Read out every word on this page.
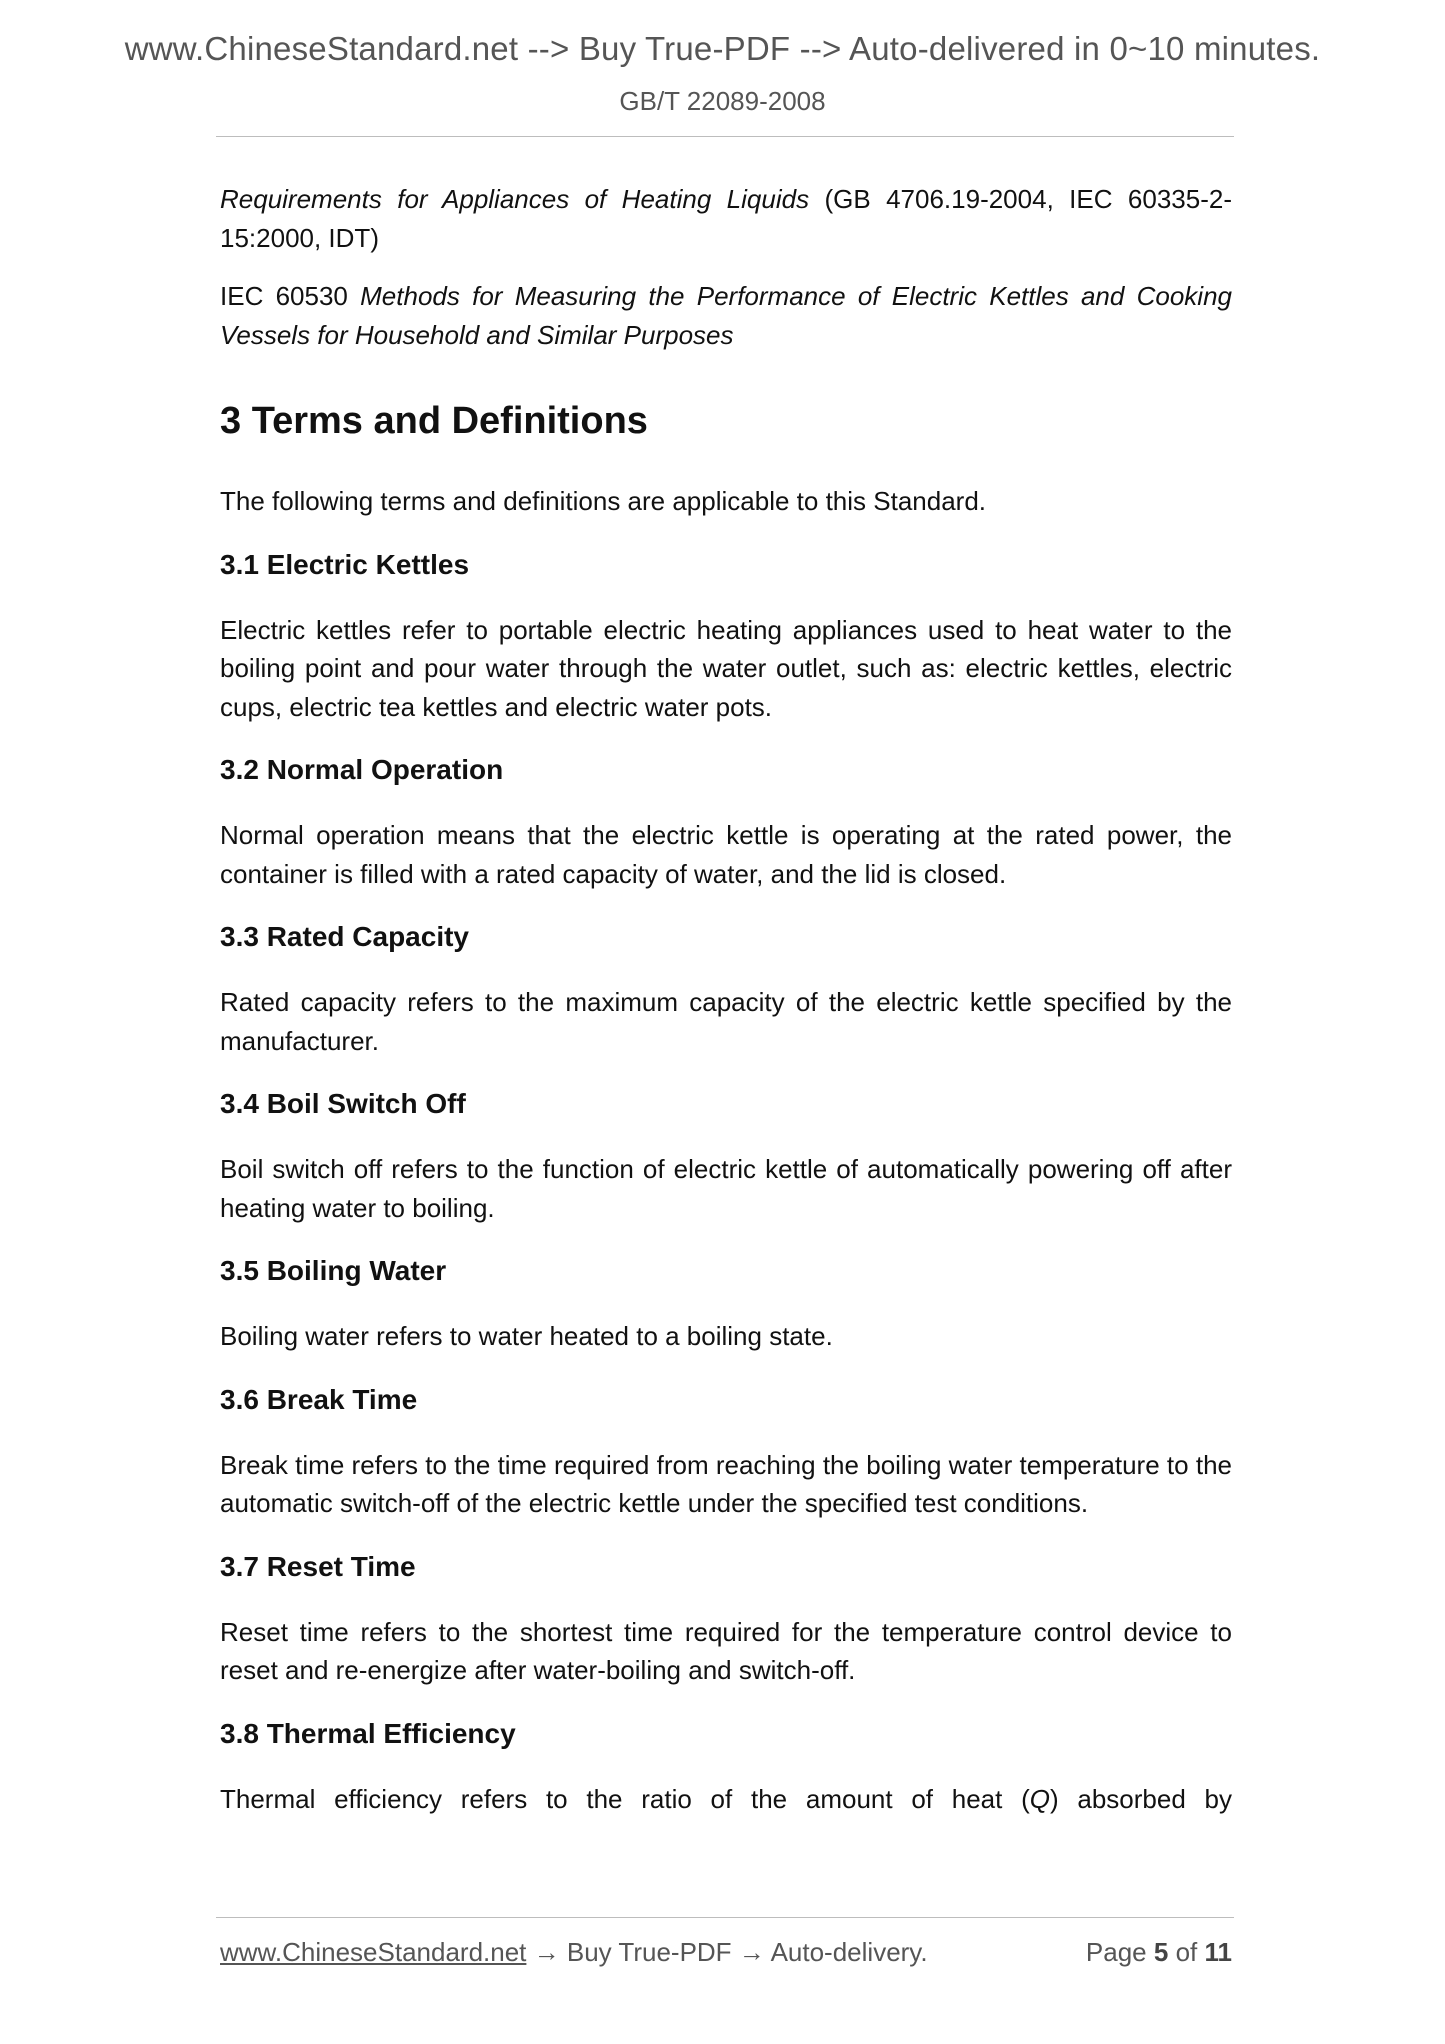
www.ChineseStandard.net --> Buy True-PDF --> Auto-delivered in 0~10 minutes.
GB/T 22089-2008

Requirements for Appliances of Heating Liquids (GB 4706.19-2004, IEC 60335-2-15:2000, IDT)

IEC 60530 Methods for Measuring the Performance of Electric Kettles and Cooking Vessels for Household and Similar Purposes

3 Terms and Definitions

The following terms and definitions are applicable to this Standard.

3.1 Electric Kettles

Electric kettles refer to portable electric heating appliances used to heat water to the boiling point and pour water through the water outlet, such as: electric kettles, electric cups, electric tea kettles and electric water pots.

3.2 Normal Operation

Normal operation means that the electric kettle is operating at the rated power, the container is filled with a rated capacity of water, and the lid is closed.

3.3 Rated Capacity

Rated capacity refers to the maximum capacity of the electric kettle specified by the manufacturer.

3.4 Boil Switch Off

Boil switch off refers to the function of electric kettle of automatically powering off after heating water to boiling.

3.5 Boiling Water

Boiling water refers to water heated to a boiling state.

3.6 Break Time

Break time refers to the time required from reaching the boiling water temperature to the automatic switch-off of the electric kettle under the specified test conditions.

3.7 Reset Time

Reset time refers to the shortest time required for the temperature control device to reset and re-energize after water-boiling and switch-off.

3.8 Thermal Efficiency

Thermal efficiency refers to the ratio of the amount of heat (Q) absorbed by

www.ChineseStandard.net → Buy True-PDF → Auto-delivery.	Page 5 of 11
